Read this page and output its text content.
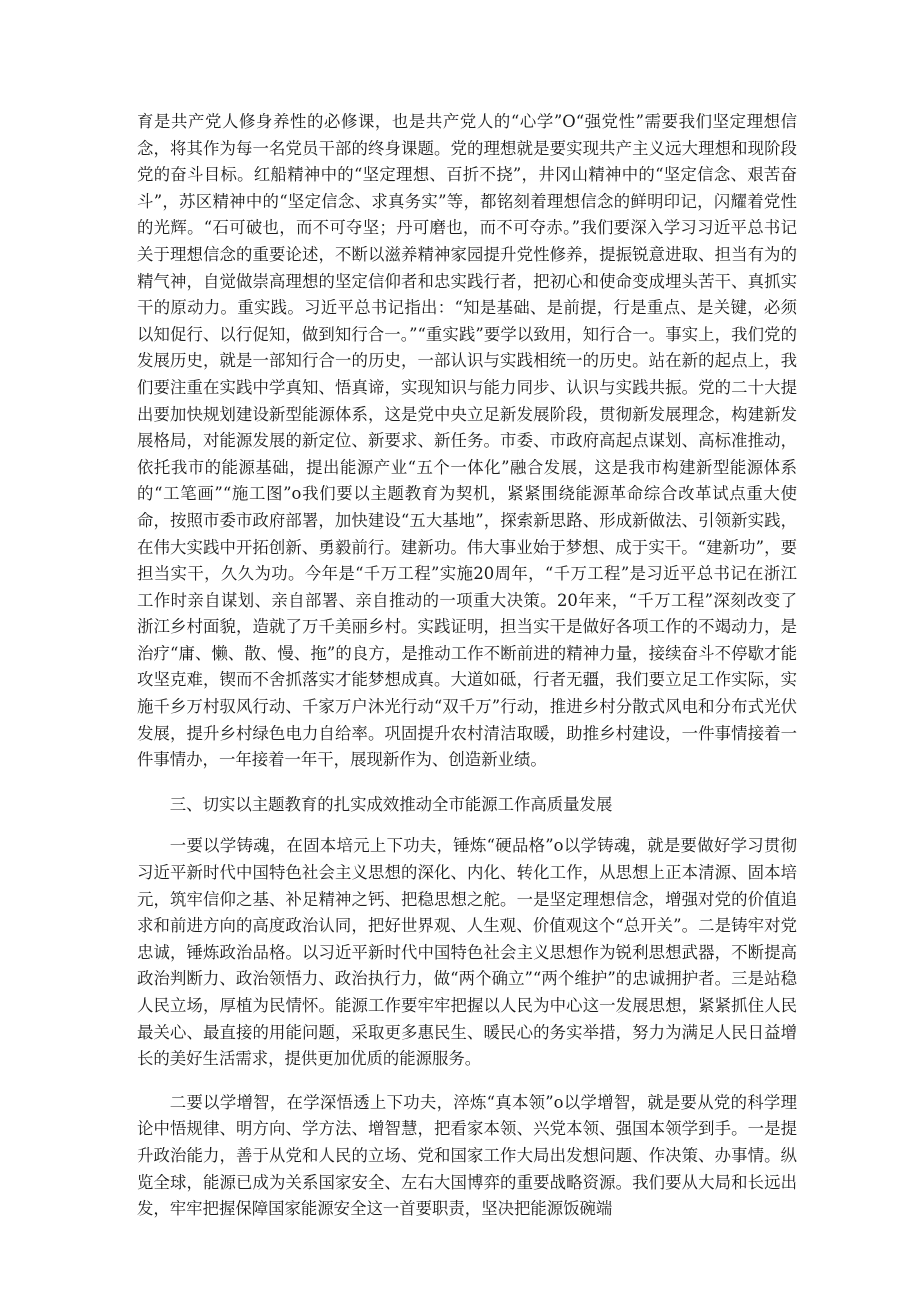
育是共产党人修身养性的必修课，也是共产党人的“心学”O“强党性”需要我们坚定理想信念，将其作为每一名党员干部的终身课题。党的理想就是要实现共产主义远大理想和现阶段党的奋斗目标。红船精神中的“坚定理想、百折不挠”，井冈山精神中的“坚定信念、艰苦奋斗”，苏区精神中的“坚定信念、求真务实”等，都铭刻着理想信念的鲜明印记，闪耀着党性的光辉。“石可破也，而不可夺坚；丹可磨也，而不可夺赤。”我们要深入学习习近平总书记关于理想信念的重要论述，不断以滋养精神家园提升党性修养，提振锐意进取、担当有为的精气神，自觉做崇高理想的坚定信仰者和忠实践行者，把初心和使命变成埋头苦干、真抓实干的原动力。重实践。习近平总书记指出：“知是基础、是前提，行是重点、是关键，必须以知促行、以行促知，做到知行合一。”“重实践”要学以致用，知行合一。事实上，我们党的发展历史，就是一部知行合一的历史，一部认识与实践相统一的历史。站在新的起点上，我们要注重在实践中学真知、悟真谛，实现知识与能力同步、认识与实践共振。党的二十大提出要加快规划建设新型能源体系，这是党中央立足新发展阶段，贯彻新发展理念，构建新发展格局，对能源发展的新定位、新要求、新任务。市委、市政府高起点谋划、高标准推动，依托我市的能源基础，提出能源产业“五个一体化”融合发展，这是我市构建新型能源体系的“工笔画”“施工图”o我们要以主题教育为契机，紧紧围绕能源革命综合改革试点重大使命，按照市委市政府部署，加快建设“五大基地”，探索新思路、形成新做法、引领新实践，在伟大实践中开拓创新、勇毅前行。建新功。伟大事业始于梦想、成于实干。“建新功”，要担当实干，久久为功。今年是“千万工程”实施20周年，“千万工程”是习近平总书记在浙江工作时亲自谋划、亲自部署、亲自推动的一项重大决策。20年来，“千万工程”深刻改变了浙江乡村面貌，造就了万千美丽乡村。实践证明，担当实干是做好各项工作的不竭动力，是治疗“庸、懒、散、慢、拖”的良方，是推动工作不断前进的精神力量，接续奋斗不停歇才能攻坚克难，锲而不舍抓落实才能梦想成真。大道如砥，行者无疆，我们要立足工作实际，实施千乡万村驭风行动、千家万户沐光行动“双千万”行动，推进乡村分散式风电和分布式光伏发展，提升乡村绿色电力自给率。巩固提升农村清洁取暖，助推乡村建设，一件事情接着一件事情办，一年接着一年干，展现新作为、创造新业绩。

三、切实以主题教育的扎实成效推动全市能源工作高质量发展

一要以学铸魂，在固本培元上下功夫，锤炼“硬品格”o以学铸魂，就是要做好学习贯彻习近平新时代中国特色社会主义思想的深化、内化、转化工作，从思想上正本清源、固本培元，筑牢信仰之基、补足精神之钙、把稳思想之舵。一是坚定理想信念，增强对党的价值追求和前进方向的高度政治认同，把好世界观、人生观、价值观这个“总开关”。二是铸牢对党忠诚，锤炼政治品格。以习近平新时代中国特色社会主义思想作为锐利思想武器，不断提高政治判断力、政治领悟力、政治执行力，做“两个确立”“两个维护”的忠诚拥护者。三是站稳人民立场，厚植为民情怀。能源工作要牢牢把握以人民为中心这一发展思想，紧紧抓住人民最关心、最直接的用能问题，采取更多惠民生、暖民心的务实举措，努力为满足人民日益增长的美好生活需求，提供更加优质的能源服务。

二要以学增智，在学深悟透上下功夫，淬炼“真本领”o以学增智，就是要从党的科学理论中悟规律、明方向、学方法、增智慧，把看家本领、兴党本领、强国本领学到手。一是提升政治能力，善于从党和人民的立场、党和国家工作大局出发想问题、作决策、办事情。纵览全球，能源已成为关系国家安全、左右大国博弈的重要战略资源。我们要从大局和长远出发，牢牢把握保障国家能源安全这一首要职责，坚决把能源饭碗端
